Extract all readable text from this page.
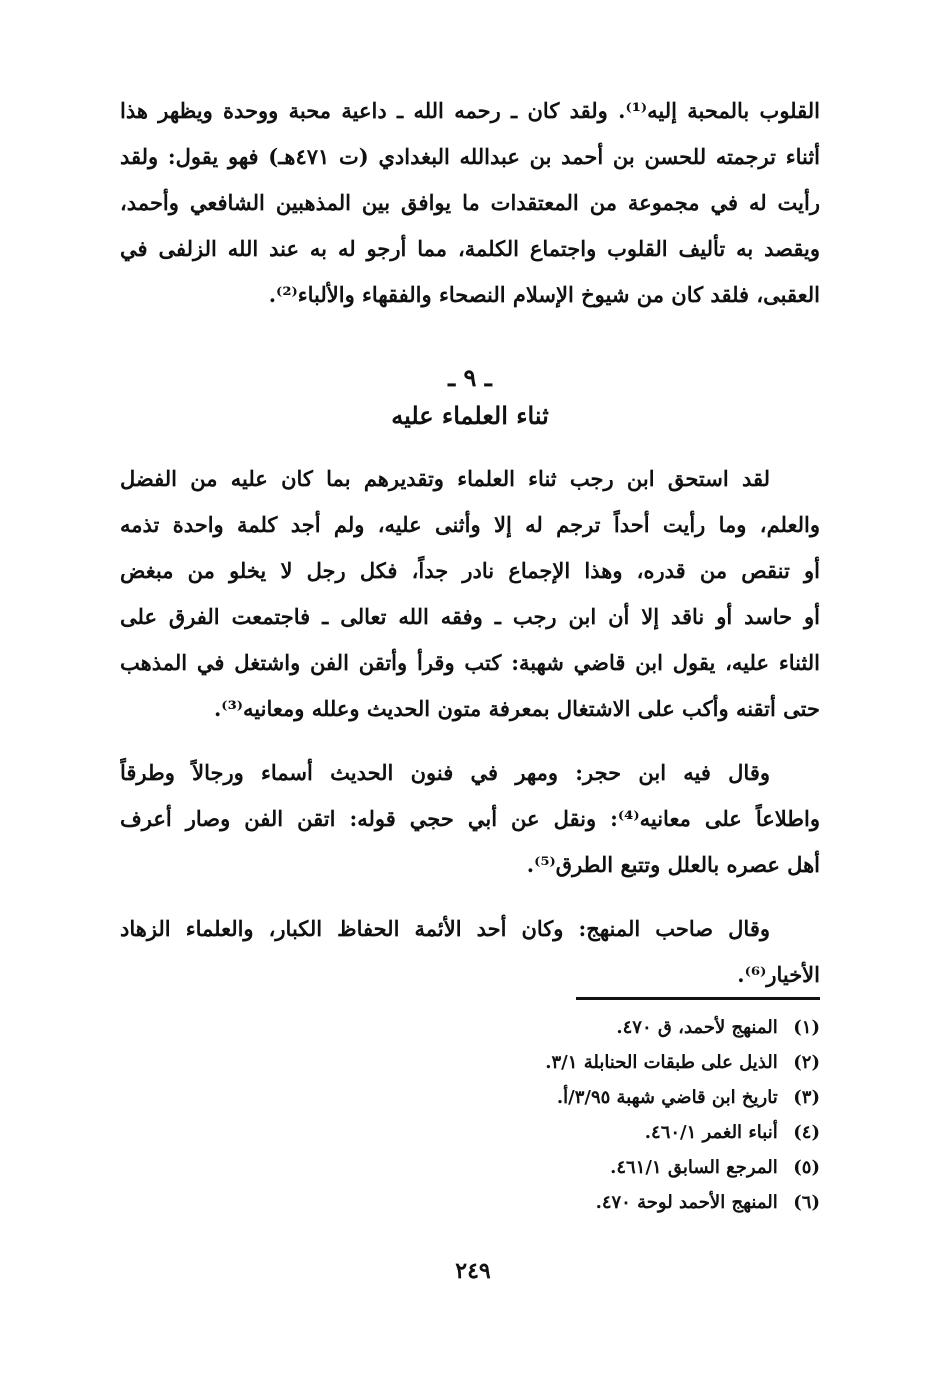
القلوب بالمحبة إليه⁽¹⁾. ولقد كان ـ رحمه الله ـ داعية محبة ووحدة ويظهر هذا
أثناء ترجمته للحسن بن أحمد بن عبدالله البغدادي (ت ٤٧١هـ) فهو يقول: ولقد
رأيت له في مجموعة من المعتقدات ما يوافق بين المذهبين الشافعي وأحمد،
ويقصد به تأليف القلوب واجتماع الكلمة، مما أرجو له به عند الله الزلفى في
العقبى، فلقد كان من شيوخ الإسلام النصحاء والفقهاء والألباء⁽²⁾.

ـ ٩ ـ
ثناء العلماء عليه

لقد استحق ابن رجب ثناء العلماء وتقديرهم بما كان عليه من الفضل
والعلم، وما رأيت أحداً ترجم له إلا وأثنى عليه، ولم أجد كلمة واحدة تذمه
أو تنقص من قدره، وهذا الإجماع نادر جداً، فكل رجل لا يخلو من مبغض
أو حاسد أو ناقد إلا أن ابن رجب ـ وفقه الله تعالى ـ فاجتمعت الفرق على
الثناء عليه، يقول ابن قاضي شهبة: كتب وقرأ وأتقن الفن واشتغل في المذهب
حتى أتقنه وأكب على الاشتغال بمعرفة متون الحديث وعلله ومعانيه⁽³⁾.

وقال فيه ابن حجر: ومهر في فنون الحديث أسماء ورجالاً وطرقاً
واطلاعاً على معانيه⁽⁴⁾: ونقل عن أبي حجي قوله: اتقن الفن وصار أعرف
أهل عصره بالعلل وتتبع الطرق⁽⁵⁾.

وقال صاحب المنهج: وكان أحد الأئمة الحفاظ الكبار، والعلماء الزهاد
الأخيار⁽⁶⁾.

(١) المنهج لأحمد، ق ٤٧٠.
(٢) الذيل على طبقات الحنابلة ٣/١.
(٣) تاريخ ابن قاضي شهبة ٣/٩٥/أ.
(٤) أنباء الغمر ٤٦٠/١.
(٥) المرجع السابق ٤٦١/١.
(٦) المنهج الأحمد لوحة ٤٧٠.
٢٤٩
